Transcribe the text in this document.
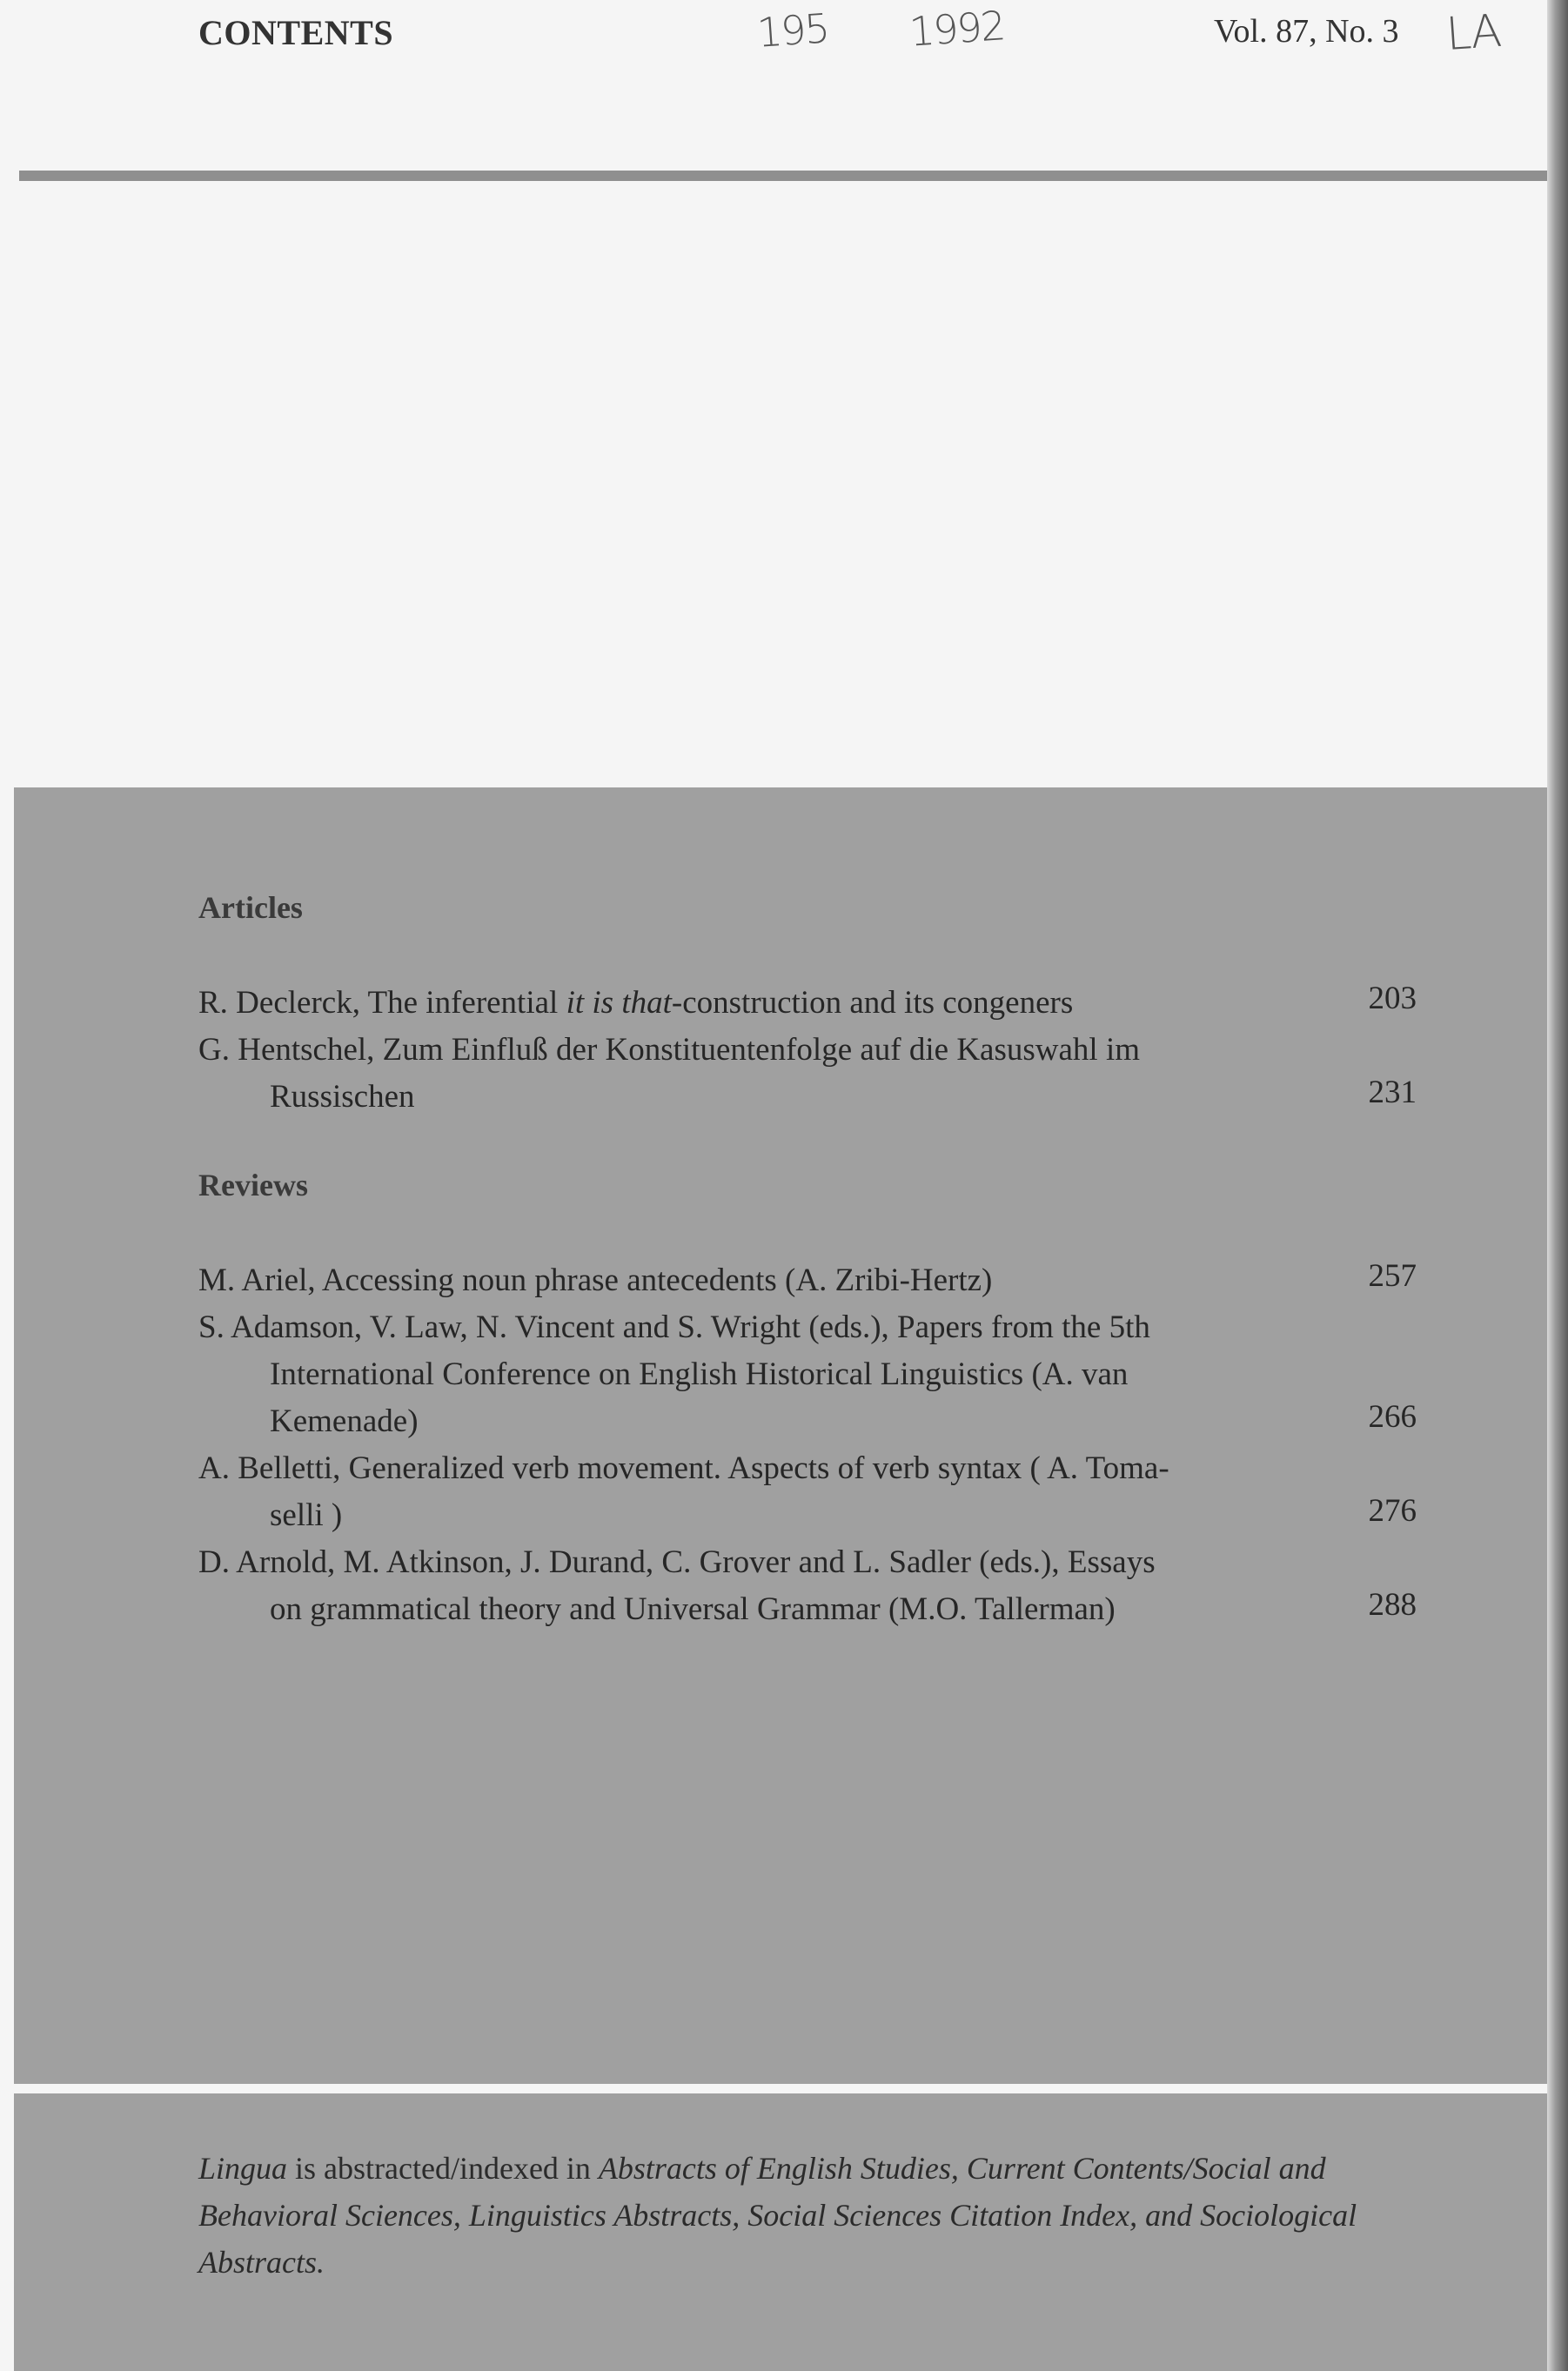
CONTENTS	195 1992	Vol. 87, No. 3 LA
Articles
R. Declerck, The inferential it is that-construction and its congeners	203
G. Hentschel, Zum Einfluß der Konstituentenfolge auf die Kasuswahl im
Russischen	231
Reviews
M. Ariel, Accessing noun phrase antecedents (A. Zribi-Hertz)	257
S. Adamson, V. Law, N. Vincent and S. Wright (eds.), Papers from the 5th
International Conference on English Historical Linguistics (A. van
Kemenade)	266
A. Belletti, Generalized verb movement. Aspects of verb syntax ( A. Toma-
selli )	276
D. Arnold, M. Atkinson, J. Durand, C. Grover and L. Sadler (eds.), Essays
on grammatical theory and Universal Grammar (M.O. Tallerman)	288
Lingua is abstracted/indexed in Abstracts of English Studies, Current Contents/Social and Behavioral Sciences, Linguistics Abstracts, Social Sciences Citation Index, and Sociological Abstracts.
